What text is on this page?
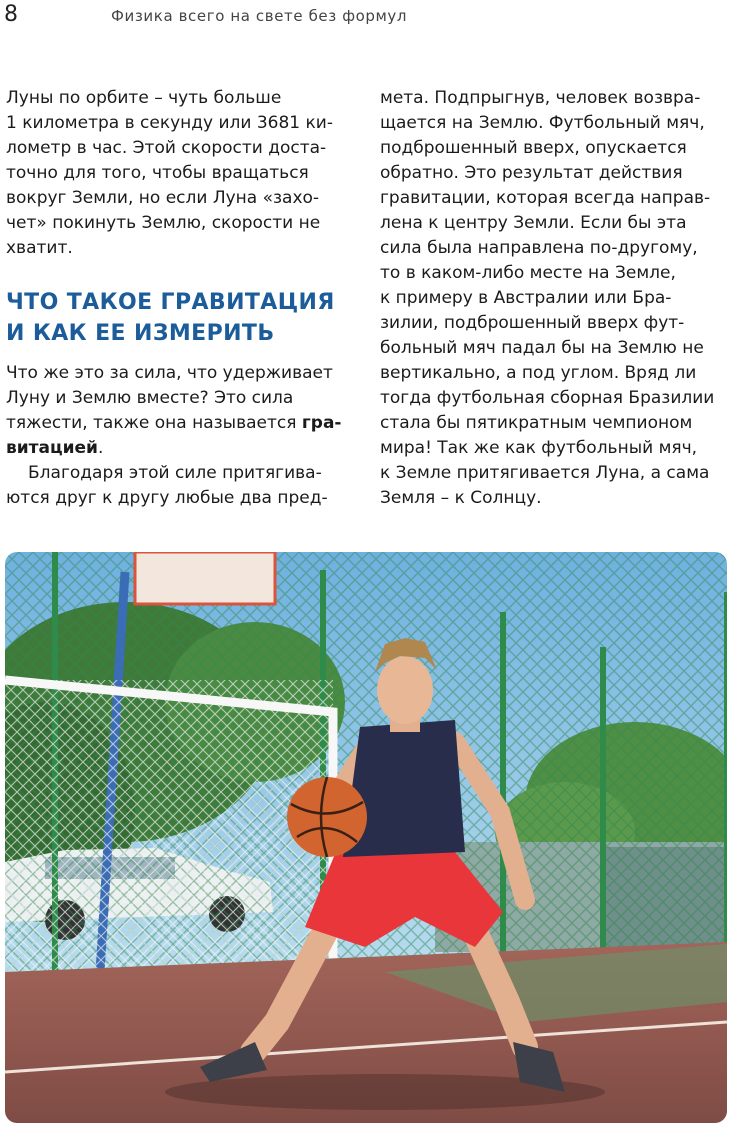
8	Физика всего на свете без формул

Луны по орбите – чуть больше
1 километра в секунду или 3681 ки-
лометр в час. Этой скорости доста-
точно для того, чтобы вращаться
вокруг Земли, но если Луна «захо-
чет» покинуть Землю, скорости не
хватит.

ЧТО ТАКОЕ ГРАВИТАЦИЯ
И КАК ЕЕ ИЗМЕРИТЬ

Что же это за сила, что удерживает
Луну и Землю вместе? Это сила
тяжести, также она называется гра-
витацией.

Благодаря этой силе притягива-
ются друг к другу любые два пред-

мета. Подпрыгнув, человек возвра-
щается на Землю. Футбольный мяч,
подброшенный вверх, опускается
обратно. Это результат действия
гравитации, которая всегда направ-
лена к центру Земли. Если бы эта
сила была направлена по-другому,
то в каком-либо месте на Земле,
к примеру в Австралии или Бра-
зилии, подброшенный вверх фут-
больный мяч падал бы на Землю не
вертикально, а под углом. Вряд ли
тогда футбольная сборная Бразилии
стала бы пятикратным чемпионом
мира! Так же как футбольный мяч,
к Земле притягивается Луна, а сама
Земля – к Солнцу.
